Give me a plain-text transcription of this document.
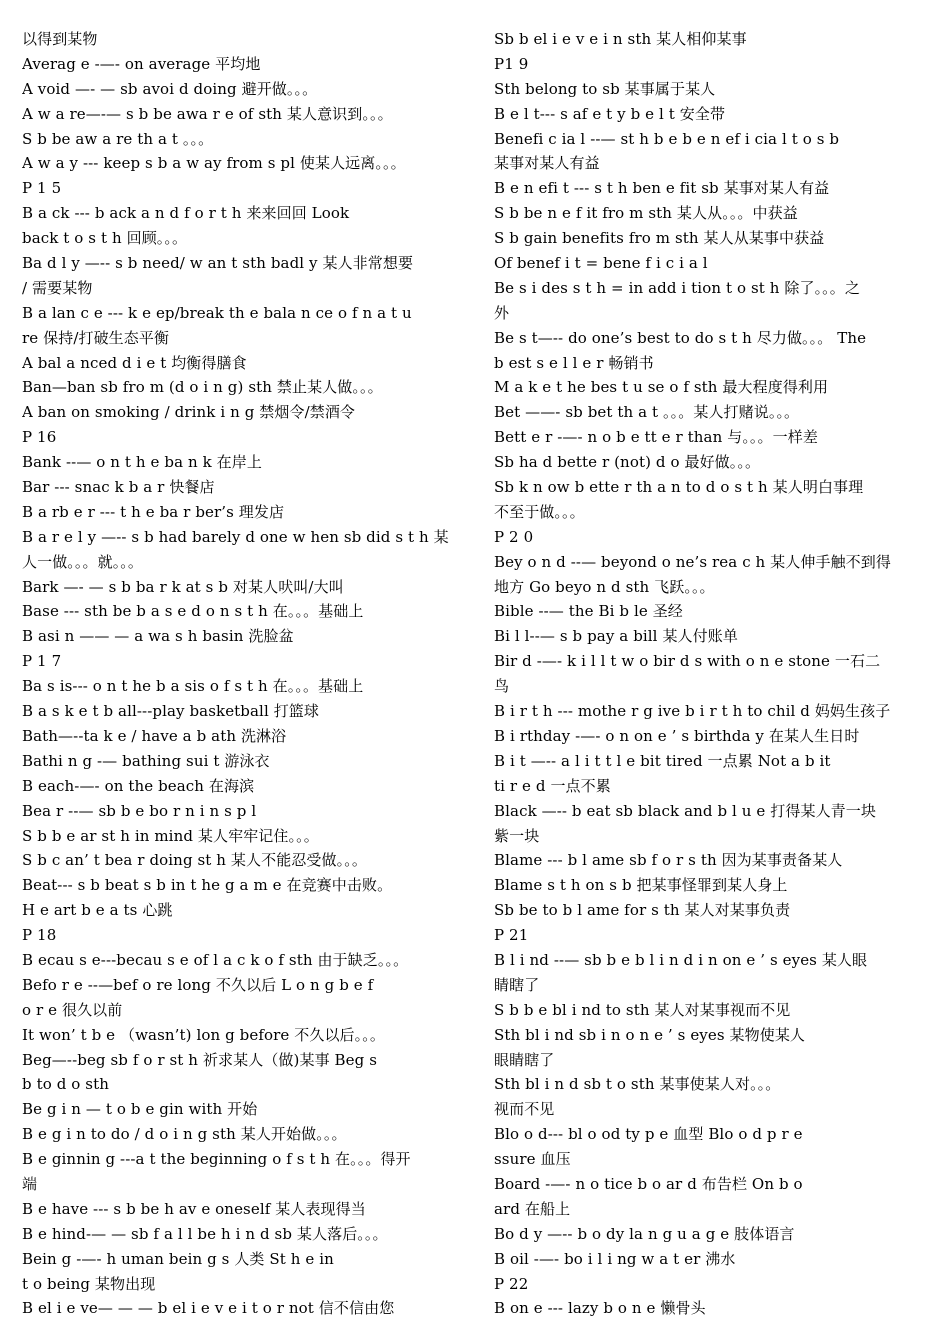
以得到某物
Averag e -—- on average 平均地
A void —- — sb avoi d doing 避开做。。。
A w a re—-— s b be awa r e of sth 某人意识到。。。
S b be aw a re th a t 。。。
A w a y --- keep s b a w ay from s pl 使某人远离。。。
P 1 5
B a ck --- b ack a n d f o r t h 来来回回 Look
back t o s t h 回顾。。。
Ba d l y —-- s b need/ w an t sth badl y 某人非常想要
/ 需要某物
B a lan c e --- k e ep/break th e bala n ce o f n a t u
re 保持/打破生态平衡
A bal a nced d i e t 均衡得膳食
Ban—ban sb fro m (d o i n g) sth 禁止某人做。。。
A ban on smoking / drink i n g 禁烟令/禁酒令
P 16
Bank --— o n t h e ba n k 在岸上
Bar --- snac k b a r 快餐店
B a rb e r --- t h e ba r ber’s 理发店
B a r e l y —-- s b had barely d one w hen sb did s t h 某
人一做。。。就。。。
Bark —- — s b ba r k at s b 对某人吠叫/大叫
Base --- sth be b a s e d o n s t h 在。。。基础上
B asi n —— — a wa s h basin 洗脸盆
P 1 7
Ba s is--- o n t he b a sis o f s t h 在。。。基础上
B a s k e t b all---play basketball 打篮球
Bath—--ta k e / have a b ath 洗淋浴
Bathi n g -— bathing sui t 游泳衣
B each-—- on the beach 在海滨
Bea r --— sb b e bo r n i n s p l
S b b e ar st h in mind 某人牢牢记住。。。
S b c an’ t bea r doing st h 某人不能忍受做。。。
Beat--- s b beat s b in t he g a m e 在竞赛中击败。
H e art b e a ts 心跳
P 18
B ecau s e---becau s e of l a c k o f sth 由于缺乏。。。
Befo r e --—bef o re long 不久以后 L o n g b e f
o r e 很久以前
It won’ t b e （wasn’t) lon g before 不久以后。。。
Beg—--beg sb f o r st h 祈求某人（做)某事 Beg s
b to d o sth
Be g i n — t o b e gin with 开始
B e g i n to do / d o i n g sth 某人开始做。。。
B e ginnin g ---a t the beginning o f s t h 在。。。得开
端
B e have --- s b be h av e oneself 某人表现得当
B e hind-— — sb f a l l be h i n d sb 某人落后。。。
Bein g -—- h uman bein g s 人类 St h e in
t o being 某物出现
B el i e ve— — — b el i e v e i t o r not 信不信由您
Sb b el i e v e i n sth 某人相仰某事
P1 9
Sth belong to sb 某事属于某人
B e l t--- s af e t y b e l t 安全带
Benefi c ia l --— st h b e b e n ef i cia l t o s b
某事对某人有益
B e n efi t --- s t h ben e fit sb 某事对某人有益
S b be n e f it fro m sth 某人从。。。中获益
S b gain benefits fro m sth 某人从某事中获益
Of benef i t = bene f i c i a l
Be s i des s t h = in add i tion t o st h 除了。。。之
外
Be s t—-- do one’s best to do s t h 尽力做。。。 The
b est s e l l e r 畅销书
M a k e t he bes t u se o f sth 最大程度得利用
Bet ——- sb bet th a t 。。。某人打赌说。。。
Bett e r -—- n o b e tt e r than 与。。。一样差
Sb ha d bette r (not) d o 最好做。。。
Sb k n ow b ette r th a n to d o s t h 某人明白事理
不至于做。。。
P 2 0
Bey o n d --— beyond o ne’s rea c h 某人伸手触不到得
地方 Go beyo n d sth 飞跃。。。
Bible --— the Bi b le 圣经
Bi l l--— s b pay a bill 某人付账单
Bir d -—- k i l l t w o bir d s with o n e stone 一石二
鸟
B i r t h --- mothe r g ive b i r t h to chil d 妈妈生孩子
B i rthday -—- o n on e ’ s birthda y 在某人生日时
B i t —-- a l i t t l e bit tired 一点累 Not a b it
ti r e d 一点不累
Black —-- b eat sb black and b l u e 打得某人青一块
紫一块
Blame --- b l ame sb f o r s th 因为某事责备某人
Blame s t h on s b 把某事怪罪到某人身上
Sb be to b l ame for s th 某人对某事负责
P 21
B l i nd --— sb b e b l i n d i n on e ’ s eyes 某人眼
睛瞎了
S b b e bl i nd to sth 某人对某事视而不见
Sth bl i nd sb i n o n e ’ s eyes 某物使某人
眼睛瞎了
Sth bl i n d sb t o sth 某事使某人对。。。
视而不见
Blo o d--- bl o od ty p e 血型 Blo o d p r e
ssure 血压
Board -—- n o tice b o ar d 布告栏 On b o
ard 在船上
Bo d y —-- b o dy la n g u a g e 肢体语言
B oil -—- bo i l i ng w a t er 沸水
P 22
B on e --- lazy b o n e 懒骨头
